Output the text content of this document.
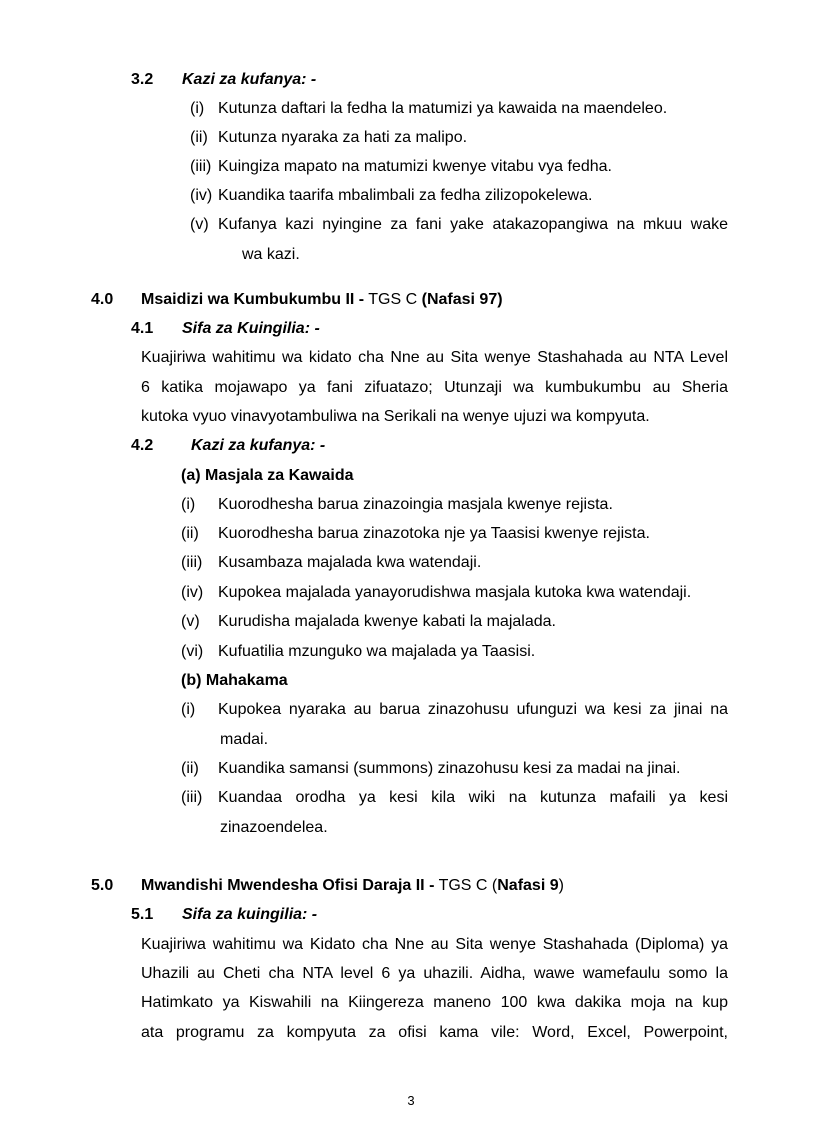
3.2 Kazi za kufanya: -
(i) Kutunza daftari la fedha la matumizi ya kawaida na maendeleo.
(ii) Kutunza nyaraka za hati za malipo.
(iii) Kuingiza mapato na matumizi kwenye vitabu vya fedha.
(iv) Kuandika taarifa mbalimbali za fedha zilizopokelewa.
(v) Kufanya kazi nyingine za fani yake atakazopangiwa na mkuu wake
wa kazi.
4.0 Msaidizi wa Kumbukumbu II - TGS C (Nafasi 97)
4.1 Sifa za Kuingilia: -
Kuajiriwa wahitimu wa kidato cha Nne au Sita wenye Stashahada au NTA Level
6 katika mojawapo ya fani zifuatazo; Utunzaji wa kumbukumbu au Sheria
kutoka vyuo vinavyotambuliwa na Serikali na wenye ujuzi wa kompyuta.
4.2 Kazi za kufanya: -
(a) Masjala za Kawaida
(i) Kuorodhesha barua zinazoingia masjala kwenye rejista.
(ii) Kuorodhesha barua zinazotoka nje ya Taasisi kwenye rejista.
(iii) Kusambaza majalada kwa watendaji.
(iv) Kupokea majalada yanayorudishwa masjala kutoka kwa watendaji.
(v) Kurudisha majalada kwenye kabati la majalada.
(vi) Kufuatilia mzunguko wa majalada ya Taasisi.
(b) Mahakama
(i) Kupokea nyaraka au barua zinazohusu ufunguzi wa kesi za jinai na
madai.
(ii) Kuandika samansi (summons) zinazohusu kesi za madai na jinai.
(iii) Kuandaa orodha ya kesi kila wiki na kutunza mafaili ya kesi
zinazoendelea.
5.0 Mwandishi Mwendesha Ofisi Daraja II - TGS C (Nafasi 9)
5.1 Sifa za kuingilia: -
Kuajiriwa wahitimu wa Kidato cha Nne au Sita wenye Stashahada (Diploma) ya
Uhazili au Cheti cha NTA level 6 ya uhazili. Aidha, wawe wamefaulu somo la
Hatimkato ya Kiswahili na Kiingereza maneno 100 kwa dakika moja na kup
ata programu za kompyuta za ofisi kama vile: Word, Excel, Powerpoint,
3
